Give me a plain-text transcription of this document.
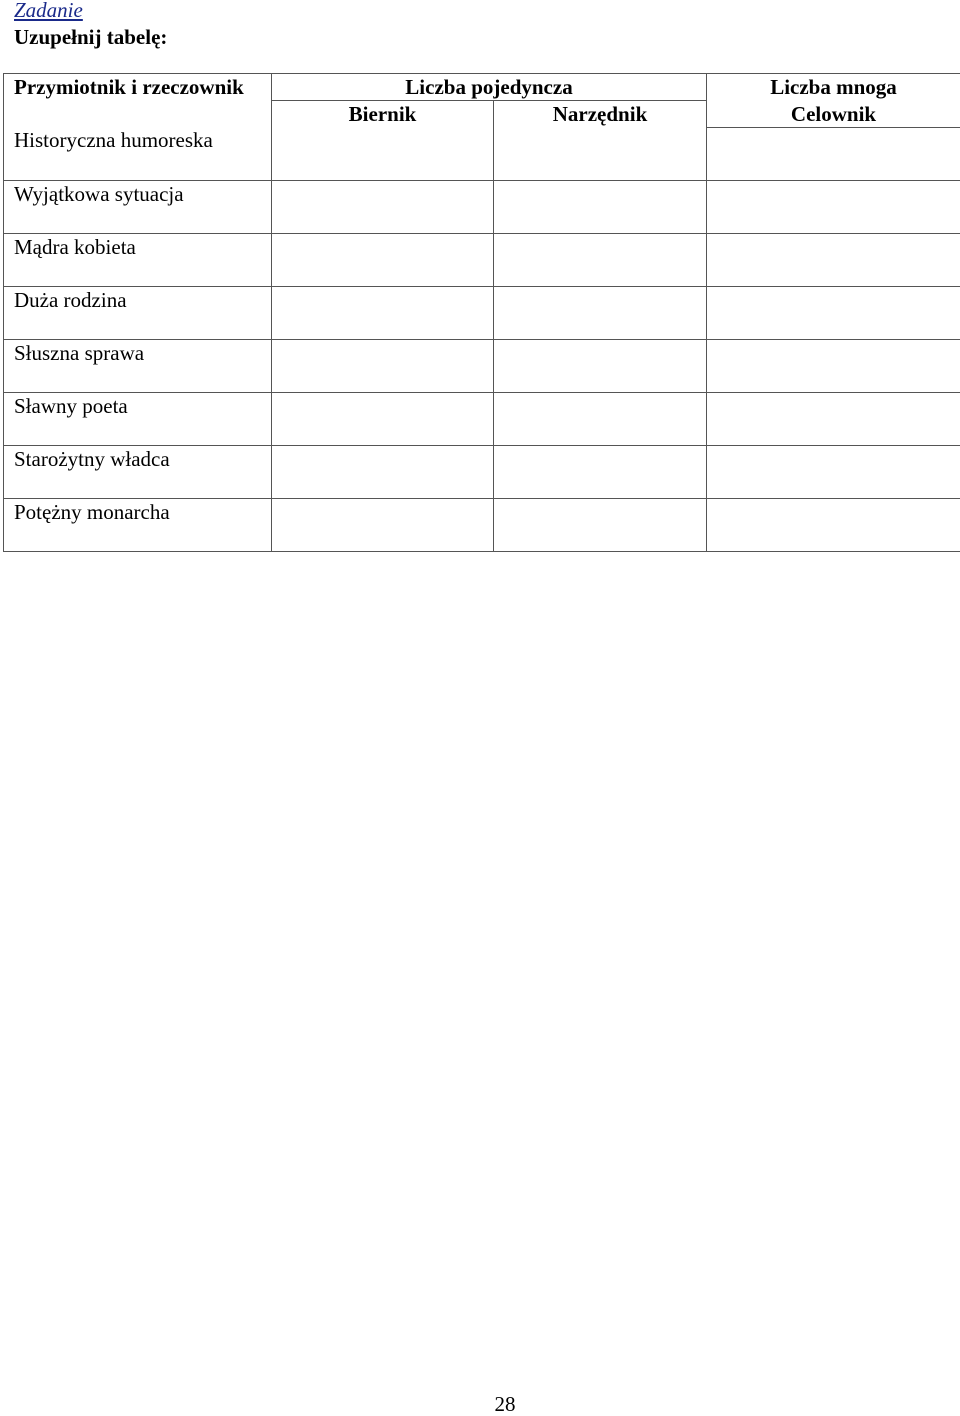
Zadanie
Uzupełnij tabelę:
Przymiotnik i rzeczownik	Liczba pojedyncza		Liczba mnoga
	Biernik	Narzędnik	Celownik
Historyczna humoreska			
Wyjątkowa sytuacja			
Mądra kobieta			
Duża rodzina			
Słuszna sprawa			
Sławny poeta			
Starożytny władca			
Potężny monarcha			
28
